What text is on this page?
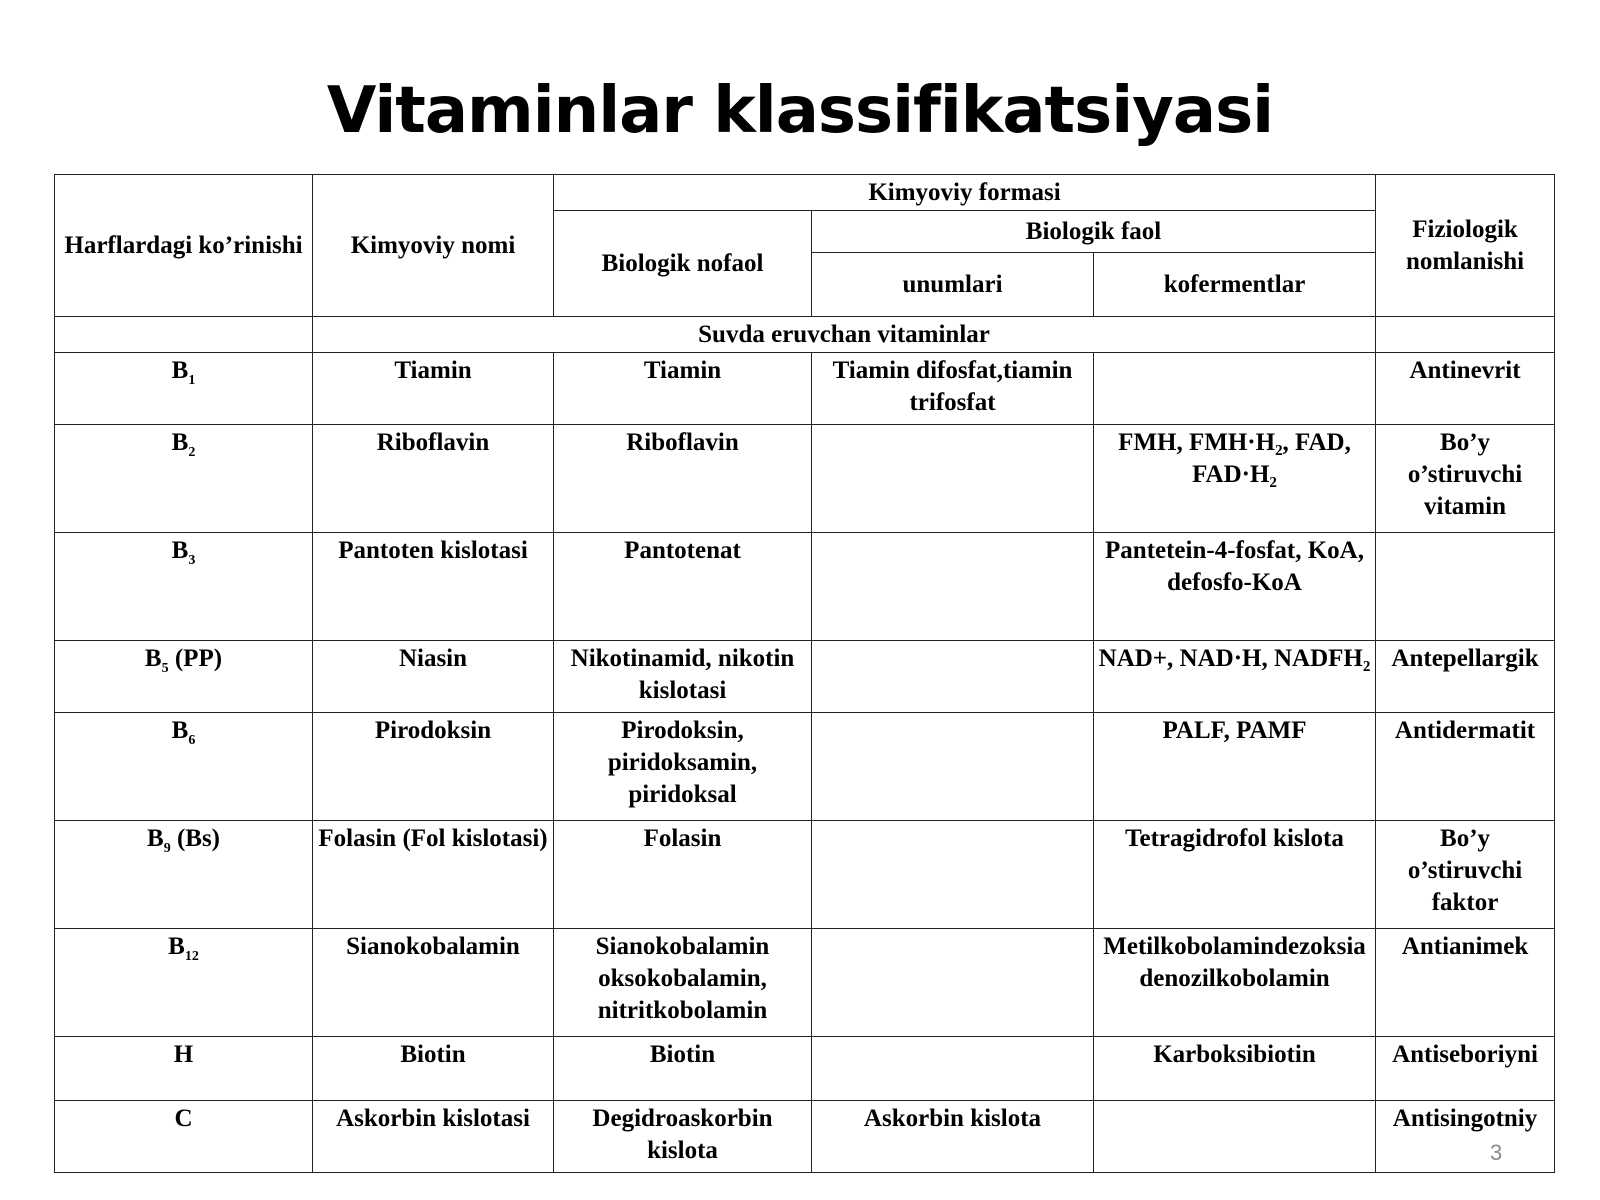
Vitaminlar klassifikatsiyasi
Harflardagi ko’rinishi	Kimyoviy nomi	Kimyoviy formasi			Fiziologik nomlanishi
		Biologik nofaol	Biologik faol		
			unumlari	kofermentlar	
	Suvda eruvchan vitaminlar				
$B_1$	Tiamin	Tiamin	Tiamin difosfat,tiamin trifosfat		Antinevrit
$B_2$	Riboflavin	Riboflavin		FMH, FMH·H₂, FAD, FAD·H₂	Bo’y o’stiruvchi vitamin
$B_3$	Pantoten kislotasi	Pantotenat		Pantetein-4-fosfat, KoA, defosfo-KoA	
$B_5$ (PP)	Niasin	Nikotinamid, nikotin kislotasi		NAD+, NAD·H, NADFH₂	Antepellargik
$B_6$	Pirodoksin	Pirodoksin, piridoksamin, piridoksal		PALF, PAMF	Antidermatit
$B_9$ (Bs)	Folasin (Fol kislotasi)	Folasin		Tetragidrofol kislota	Bo’y o’stiruvchi faktor
$B_{12}$	Sianokobalamin	Sianokobalamin oksokobalamin, nitritkobolamin		Metilkobolamindezoksiadenozilkobolamin	Antianimek
H	Biotin	Biotin		Karboksibiotin	Antiseboriyni
C	Askorbin kislotasi	Degidroaskorbin kislota	Askorbin kislota		Antisingotniy
3
